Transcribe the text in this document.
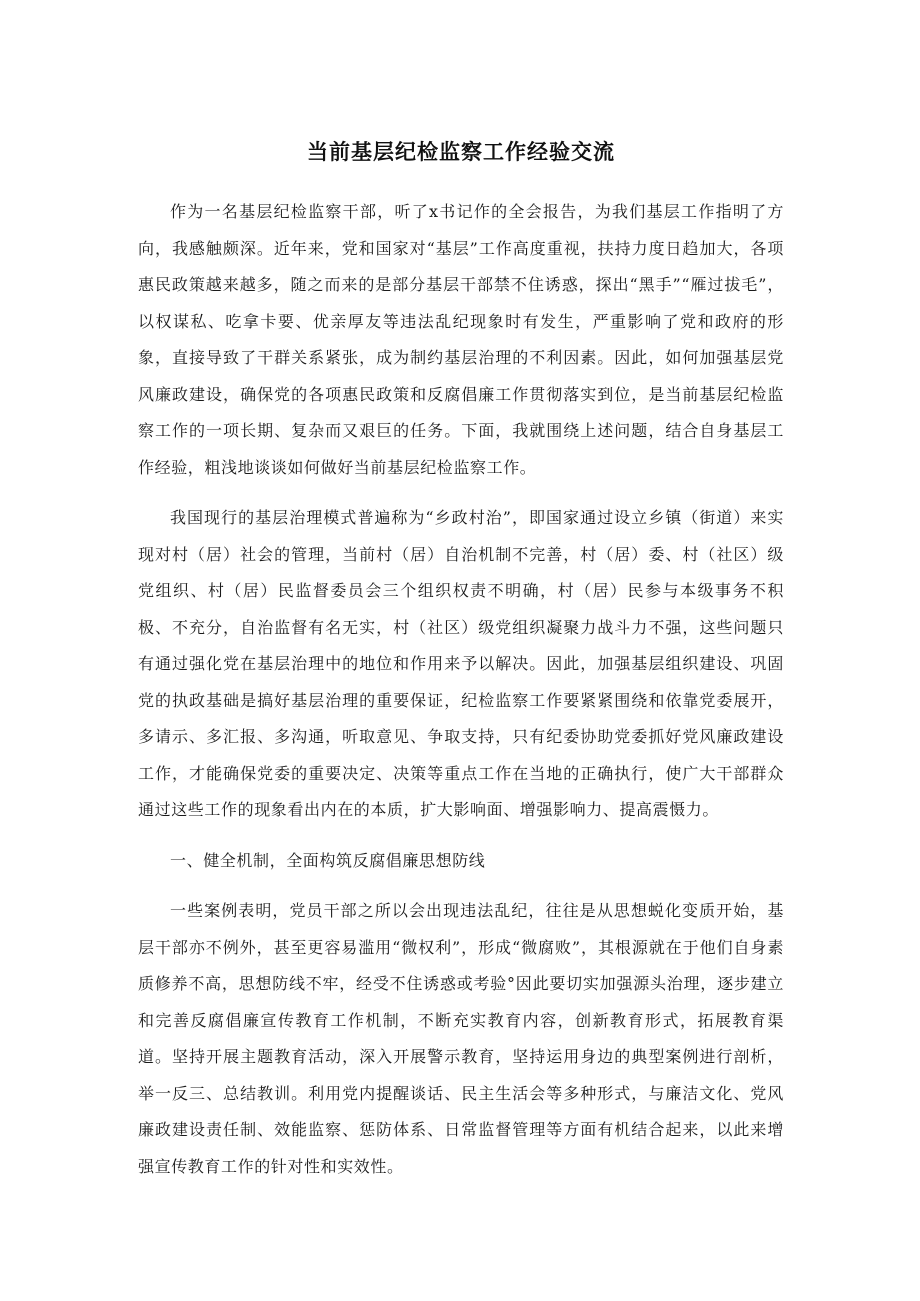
当前基层纪检监察工作经验交流

作为一名基层纪检监察干部，听了x书记作的全会报告，为我们基层工作指明了方向，我感触颇深。近年来，党和国家对“基层”工作高度重视，扶持力度日趋加大，各项惠民政策越来越多，随之而来的是部分基层干部禁不住诱惑，探出“黑手”“雁过拔毛”，以权谋私、吃拿卡要、优亲厚友等违法乱纪现象时有发生，严重影响了党和政府的形象，直接导致了干群关系紧张，成为制约基层治理的不利因素。因此，如何加强基层党风廉政建设，确保党的各项惠民政策和反腐倡廉工作贯彻落实到位，是当前基层纪检监察工作的一项长期、复杂而又艰巨的任务。下面，我就围绕上述问题，结合自身基层工作经验，粗浅地谈谈如何做好当前基层纪检监察工作。

我国现行的基层治理模式普遍称为“乡政村治”，即国家通过设立乡镇（街道）来实现对村（居）社会的管理，当前村（居）自治机制不完善，村（居）委、村（社区）级党组织、村（居）民监督委员会三个组织权责不明确，村（居）民参与本级事务不积极、不充分，自治监督有名无实，村（社区）级党组织凝聚力战斗力不强，这些问题只有通过强化党在基层治理中的地位和作用来予以解决。因此，加强基层组织建设、巩固党的执政基础是搞好基层治理的重要保证，纪检监察工作要紧紧围绕和依靠党委展开，多请示、多汇报、多沟通，听取意见、争取支持，只有纪委协助党委抓好党风廉政建设工作，才能确保党委的重要决定、决策等重点工作在当地的正确执行，使广大干部群众通过这些工作的现象看出内在的本质，扩大影响面、增强影响力、提高震慑力。

一、健全机制，全面构筑反腐倡廉思想防线

一些案例表明，党员干部之所以会出现违法乱纪，往往是从思想蜕化变质开始，基层干部亦不例外，甚至更容易滥用“微权利”，形成“微腐败”，其根源就在于他们自身素质修养不高，思想防线不牢，经受不住诱惑或考验°因此要切实加强源头治理，逐步建立和完善反腐倡廉宣传教育工作机制，不断充实教育内容，创新教育形式，拓展教育渠道。坚持开展主题教育活动，深入开展警示教育，坚持运用身边的典型案例进行剖析，举一反三、总结教训。利用党内提醒谈话、民主生活会等多种形式，与廉洁文化、党风廉政建设责任制、效能监察、惩防体系、日常监督管理等方面有机结合起来，以此来增强宣传教育工作的针对性和实效性。
